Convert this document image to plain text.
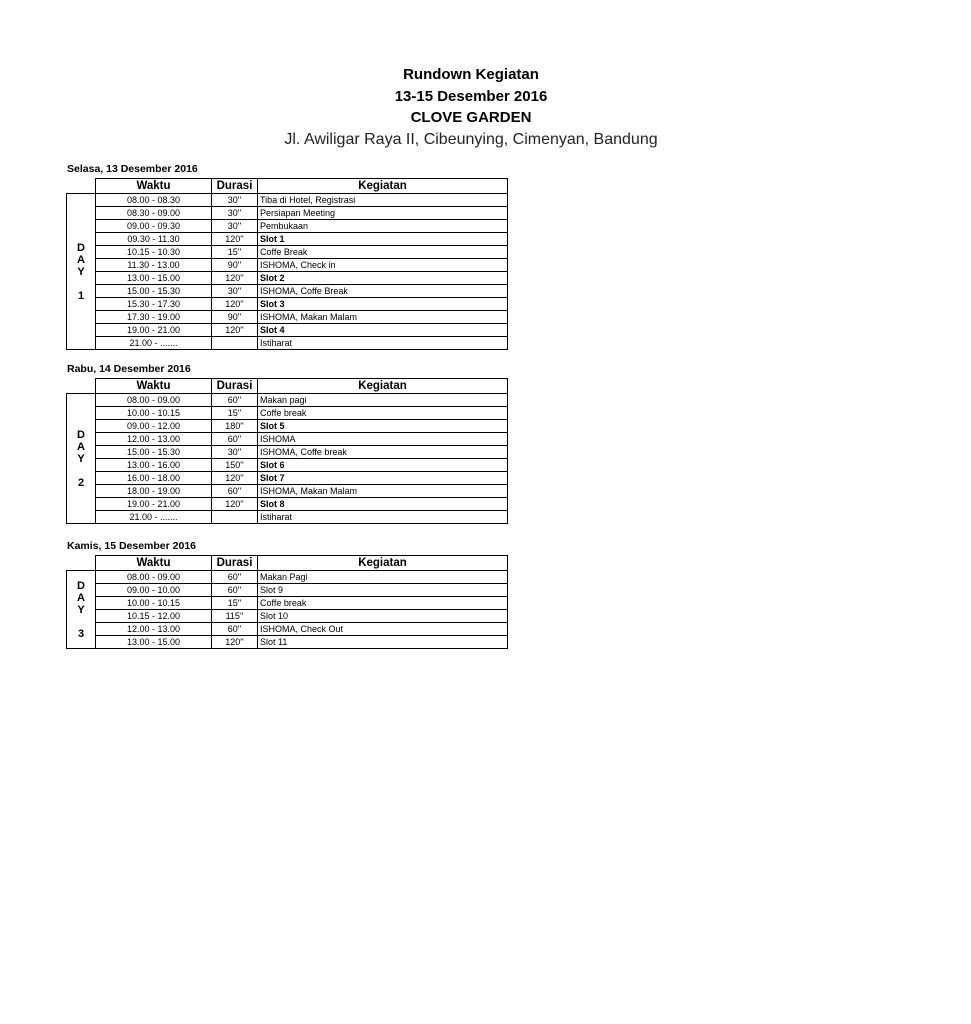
Rundown Kegiatan
13-15 Desember 2016
CLOVE GARDEN
Jl. Awiligar Raya II, Cibeunying, Cimenyan, Bandung
Selasa, 13 Desember 2016
	Waktu	Durasi	Kegiatan

D
A
Y

1	08.00 - 08.30	30''	Tiba di Hotel, Registrasi
	08.30 - 09.00	30''	Persiapan Meeting
	09.00 - 09.30	30''	Pembukaan
	09.30 - 11.30	120''	Slot 1
	10.15 - 10.30	15''	Coffe Break
	11.30 - 13.00	90''	ISHOMA, Check in
	13.00 - 15.00	120''	Slot 2
	15.00 - 15.30	30''	ISHOMA, Coffe Break
	15.30 - 17.30	120''	Slot 3
	17.30 - 19.00	90''	ISHOMA, Makan Malam
	19.00 - 21.00	120''	Slot 4
	21.00 - .......		Istiharat
Rabu, 14 Desember 2016
	Waktu	Durasi	Kegiatan

D
A
Y

2	08.00 - 09.00	60''	Makan pagi
	10.00 - 10.15	15''	Coffe break
	09.00 - 12.00	180''	Slot 5
	12.00 - 13.00	60''	ISHOMA
	15.00 - 15.30	30''	ISHOMA, Coffe break
	13.00 - 16.00	150''	Slot 6
	16.00 - 18.00	120''	Slot 7
	18.00 - 19.00	60''	ISHOMA, Makan Malam
	19.00 - 21.00	120''	Slot 8
	21.00 - .......		Istiharat
Kamis, 15 Desember 2016
	Waktu	Durasi	Kegiatan

D
A
Y

3	08.00 - 09.00	60''	Makan Pagi
	09.00 - 10.00	60''	Slot 9
	10.00 - 10.15	15''	Coffe break
	10.15 - 12.00	115''	Slot 10
	12.00 - 13.00	60''	ISHOMA, Check Out
	13.00 - 15.00	120''	Slot 11
